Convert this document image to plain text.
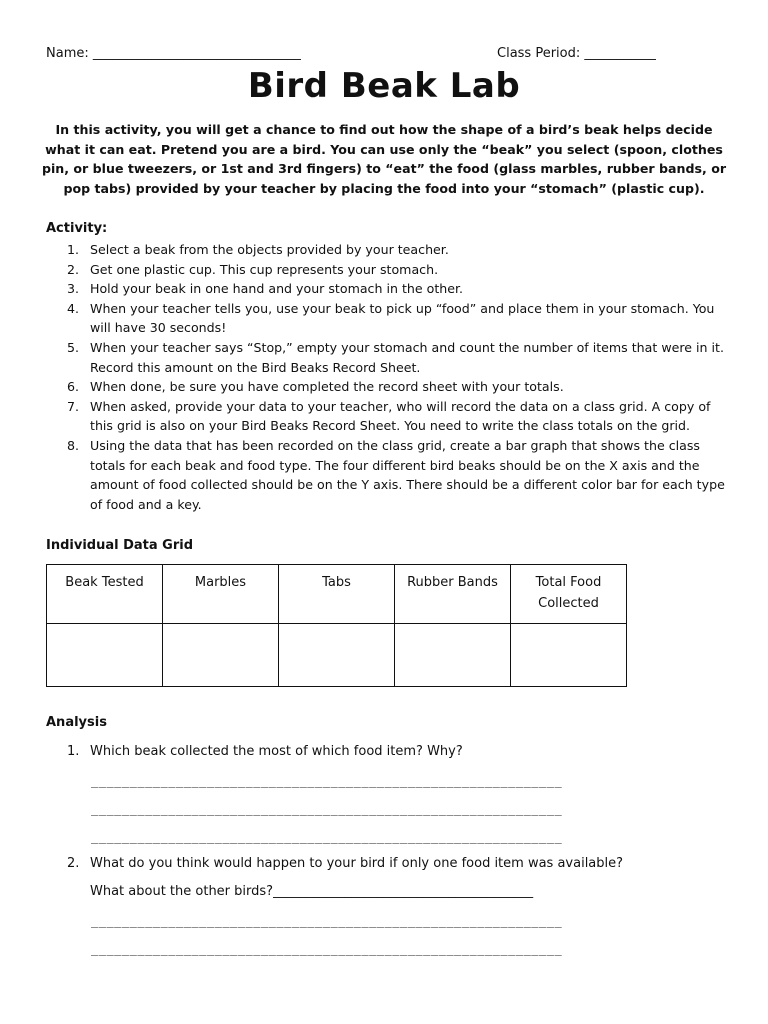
Name: ________________________________	Class Period: ___________
Bird Beak Lab
In this activity, you will get a chance to find out how the shape of a bird’s beak helps decide what it can eat. Pretend you are a bird. You can use only the “beak” you select (spoon, clothes pin, or blue tweezers, or 1st and 3rd fingers) to “eat” the food (glass marbles, rubber bands, or pop tabs) provided by your teacher by placing the food into your “stomach” (plastic cup).
Activity:
1. Select a beak from the objects provided by your teacher.
2. Get one plastic cup. This cup represents your stomach.
3. Hold your beak in one hand and your stomach in the other.
4. When your teacher tells you, use your beak to pick up “food” and place them in your stomach. You will have 30 seconds!
5. When your teacher says “Stop,” empty your stomach and count the number of items that were in it. Record this amount on the Bird Beaks Record Sheet.
6. When done, be sure you have completed the record sheet with your totals.
7. When asked, provide your data to your teacher, who will record the data on a class grid. A copy of this grid is also on your Bird Beaks Record Sheet. You need to write the class totals on the grid.
8. Using the data that has been recorded on the class grid, create a bar graph that shows the class totals for each beak and food type. The four different bird beaks should be on the X axis and the amount of food collected should be on the Y axis. There should be a different color bar for each type of food and a key.
Individual Data Grid
Beak Tested	Marbles	Tabs	Rubber Bands	Total Food Collected

Analysis
1. Which beak collected the most of which food item? Why?
_____________________________________________________________
_____________________________________________________________
_____________________________________________________________
2. What do you think would happen to your bird if only one food item was available?
What about the other birds?________________________________________
_____________________________________________________________
_____________________________________________________________
